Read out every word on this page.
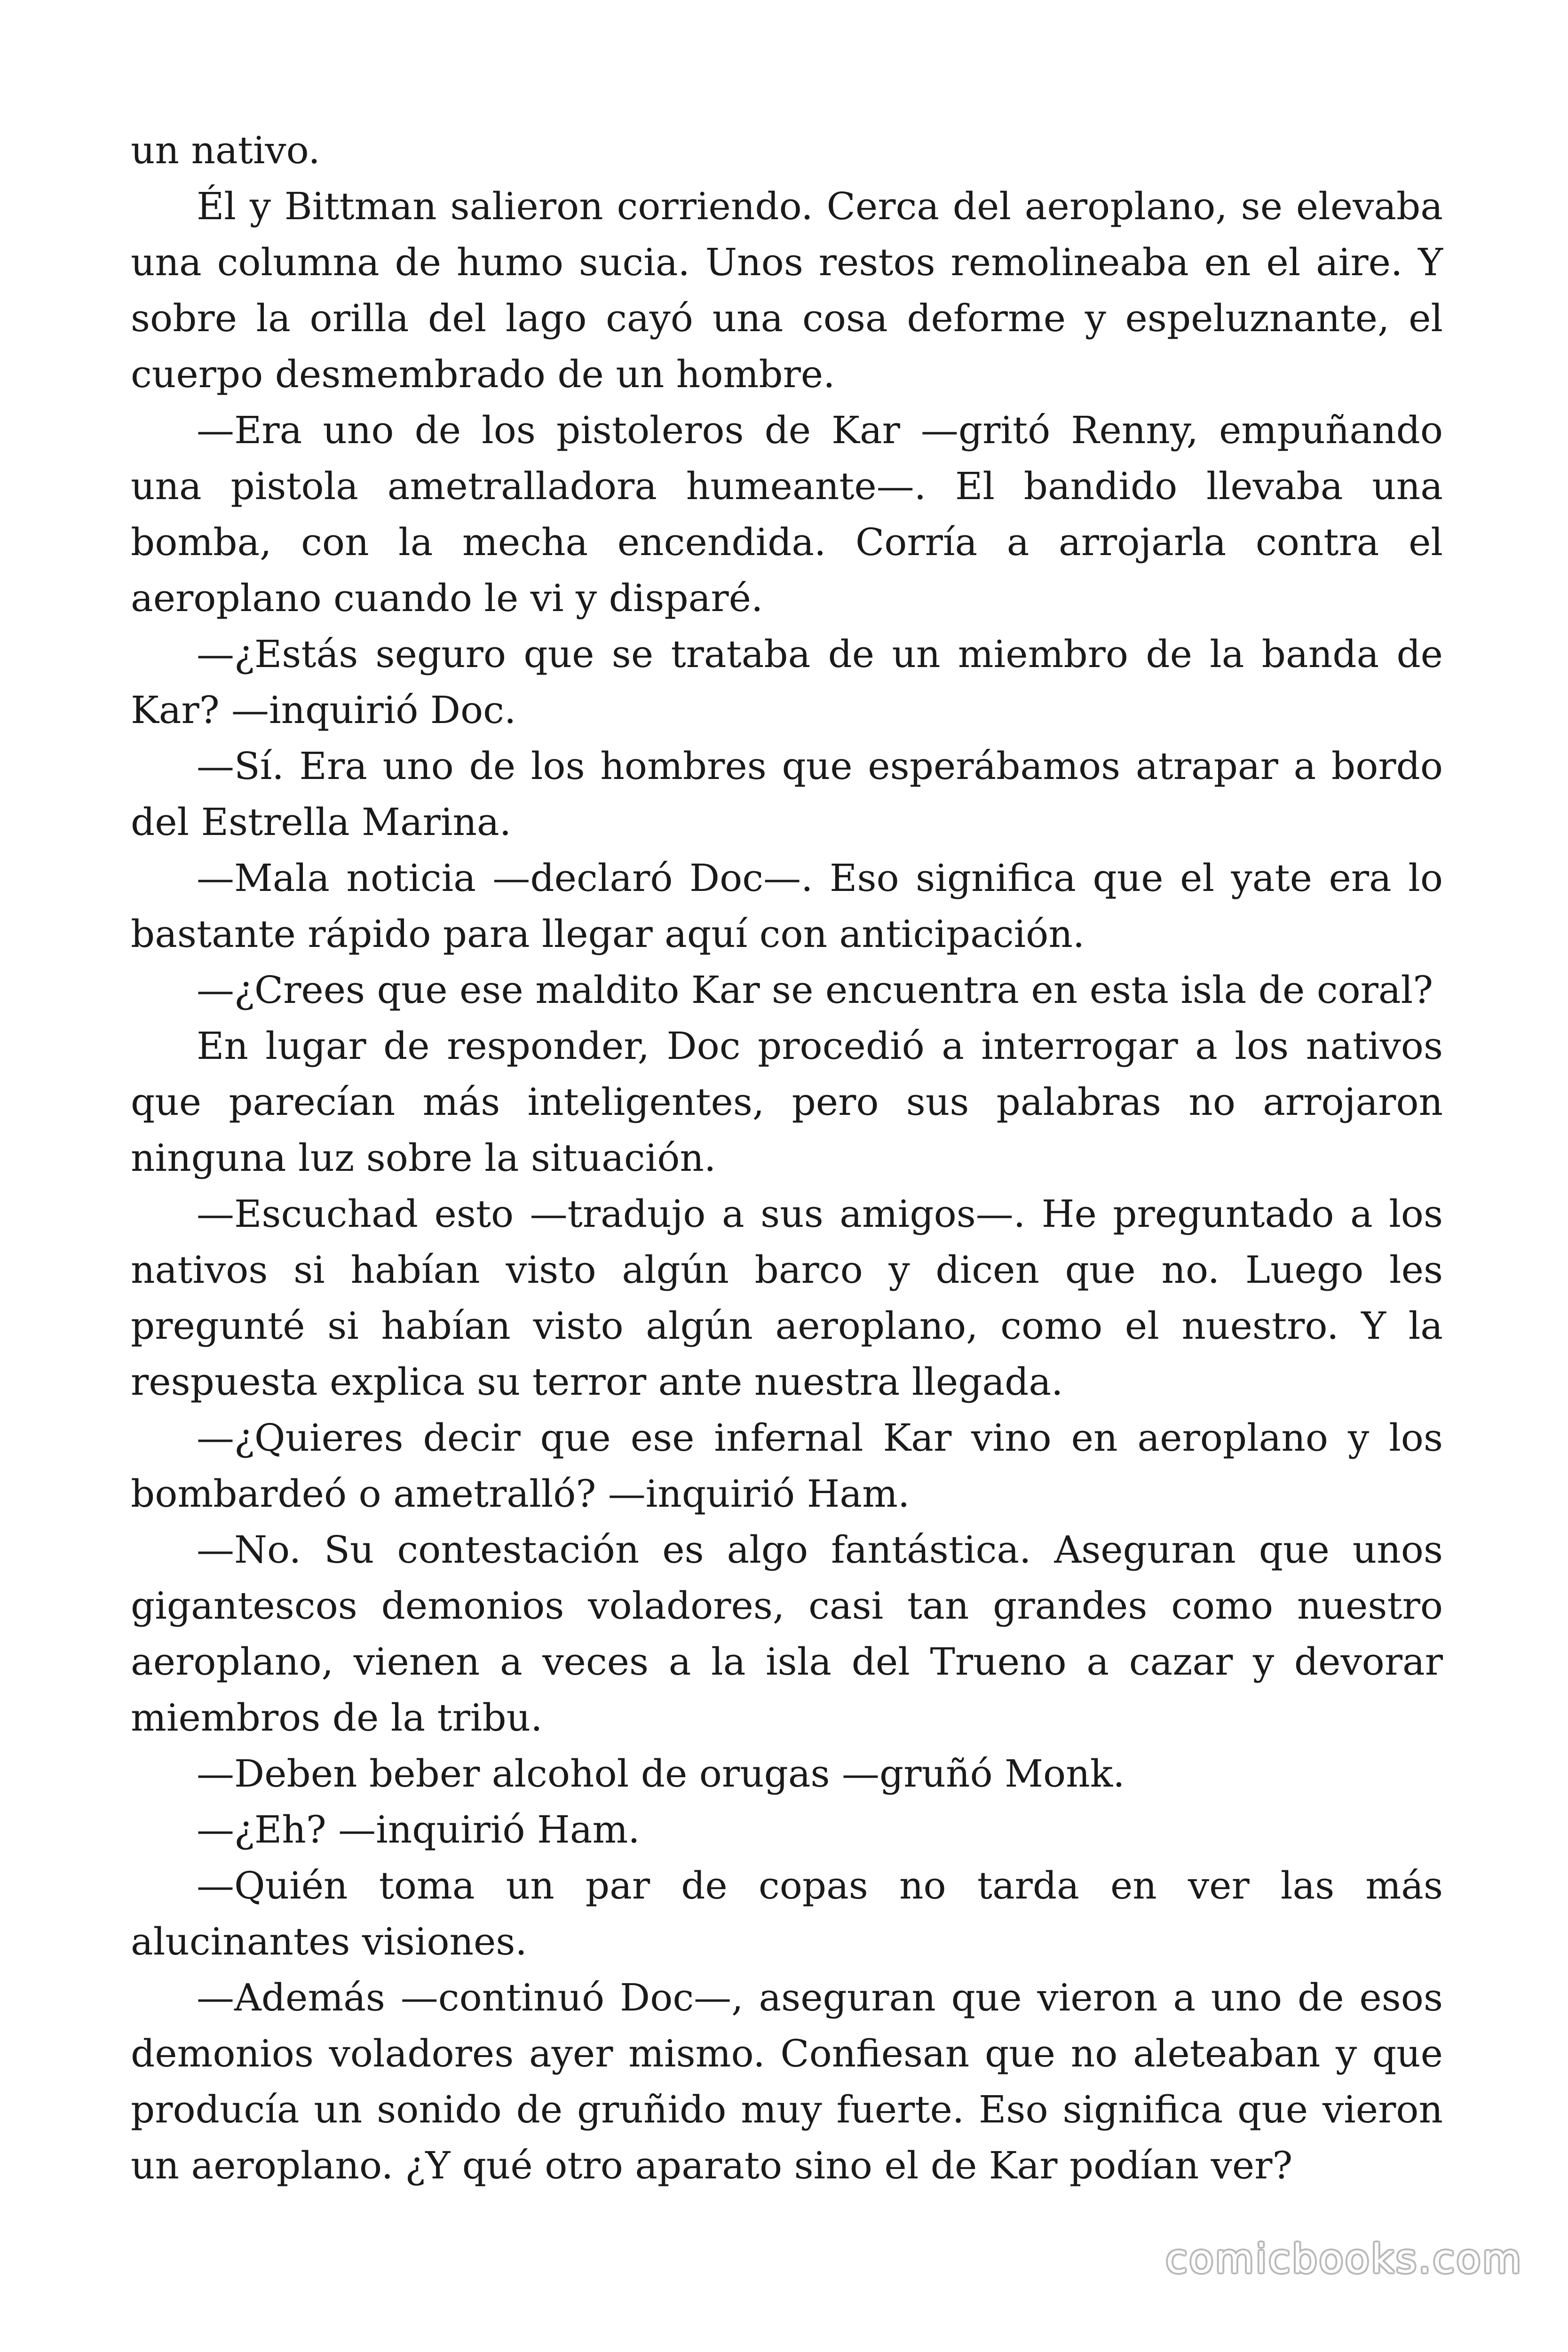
un nativo.

Él y Bittman salieron corriendo. Cerca del aeroplano, se elevaba una columna de humo sucia. Unos restos remolineaba en el aire. Y sobre la orilla del lago cayó una cosa deforme y espeluznante, el cuerpo desmembrado de un hombre.

—Era uno de los pistoleros de Kar —gritó Renny, empuñando una pistola ametralladora humeante—. El bandido llevaba una bomba, con la mecha encendida. Corría a arrojarla contra el aeroplano cuando le vi y disparé.

—¿Estás seguro que se trataba de un miembro de la banda de Kar? —inquirió Doc.

—Sí. Era uno de los hombres que esperábamos atrapar a bordo del Estrella Marina.

—Mala noticia —declaró Doc—. Eso significa que el yate era lo bastante rápido para llegar aquí con anticipación.

—¿Crees que ese maldito Kar se encuentra en esta isla de coral?

En lugar de responder, Doc procedió a interrogar a los nativos que parecían más inteligentes, pero sus palabras no arrojaron ninguna luz sobre la situación.

—Escuchad esto —tradujo a sus amigos—. He preguntado a los nativos si habían visto algún barco y dicen que no. Luego les pregunté si habían visto algún aeroplano, como el nuestro. Y la respuesta explica su terror ante nuestra llegada.

—¿Quieres decir que ese infernal Kar vino en aeroplano y los bombardeó o ametralló? —inquirió Ham.

—No. Su contestación es algo fantástica. Aseguran que unos gigantescos demonios voladores, casi tan grandes como nuestro aeroplano, vienen a veces a la isla del Trueno a cazar y devorar miembros de la tribu.

—Deben beber alcohol de orugas —gruñó Monk.

—¿Eh? —inquirió Ham.

—Quién toma un par de copas no tarda en ver las más alucinantes visiones.

—Además —continuó Doc—, aseguran que vieron a uno de esos demonios voladores ayer mismo. Confiesan que no aleteaban y que producía un sonido de gruñido muy fuerte. Eso significa que vieron un aeroplano. ¿Y qué otro aparato sino el de Kar podían ver?

comicbooks.com
